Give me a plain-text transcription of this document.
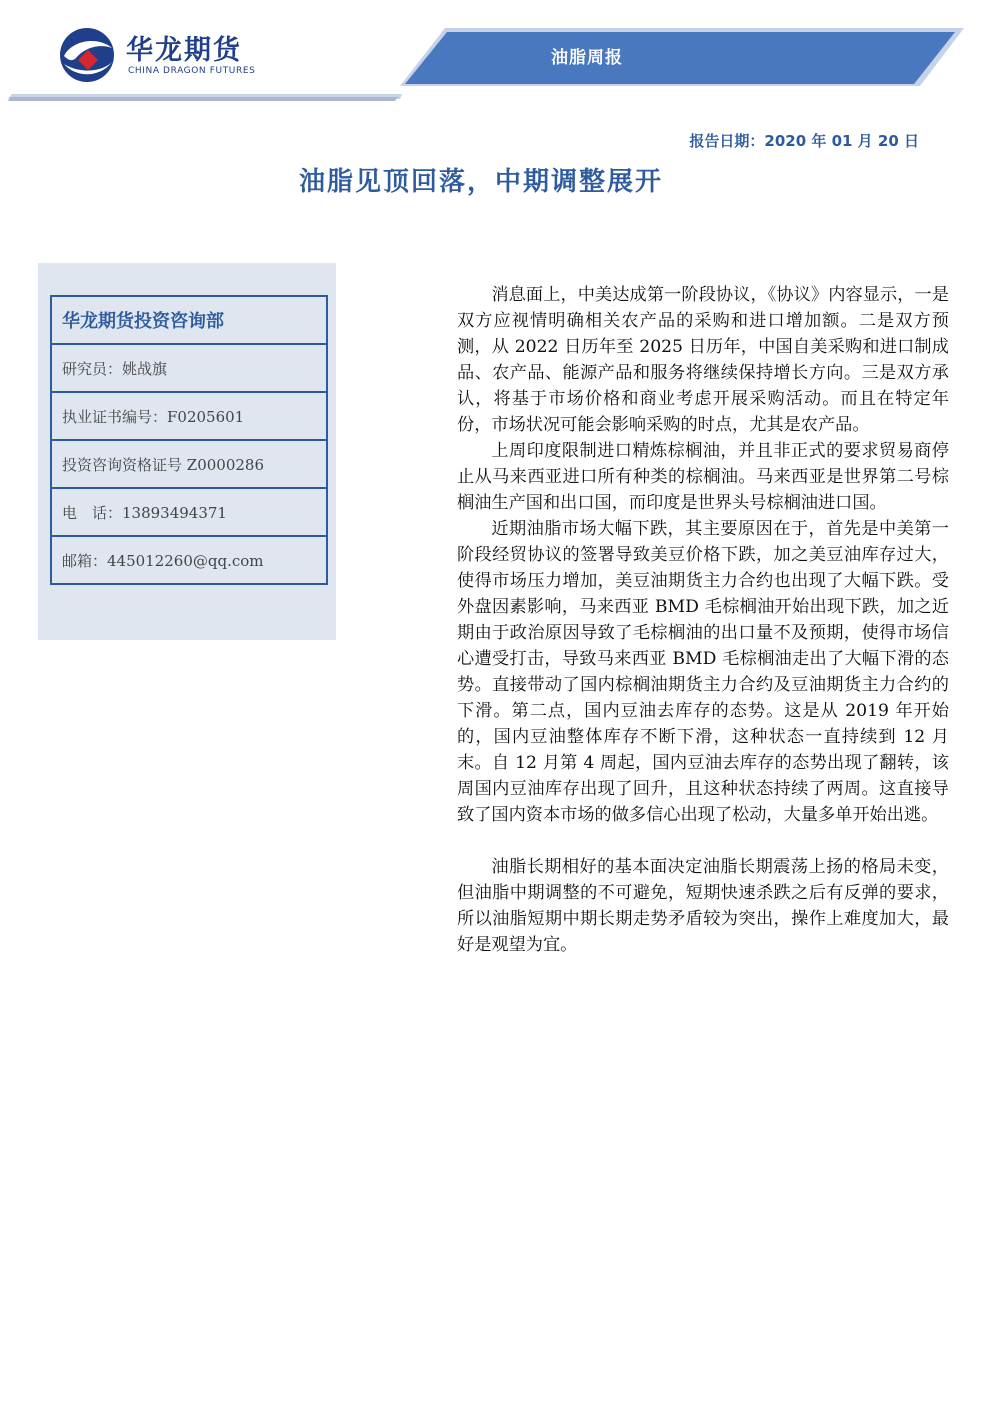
华龙期货
CHINA DRAGON FUTURES
油脂周报
报告日期：2020 年 01 月 20 日
油脂见顶回落，中期调整展开
华龙期货投资咨询部
研究员：姚战旗
执业证书编号：F0205601
投资咨询资格证号 Z0000286
电　话：13893494371
邮箱：445012260@qq.com

消息面上，中美达成第一阶段协议，《协议》内容显示，一是双方应视情明确相关农产品的采购和进口增加额。二是双方预测，从 2022 日历年至 2025 日历年，中国自美采购和进口制成品、农产品、能源产品和服务将继续保持增长方向。三是双方承认，将基于市场价格和商业考虑开展采购活动。而且在特定年份，市场状况可能会影响采购的时点，尤其是农产品。

上周印度限制进口精炼棕榈油，并且非正式的要求贸易商停止从马来西亚进口所有种类的棕榈油。马来西亚是世界第二号棕榈油生产国和出口国，而印度是世界头号棕榈油进口国。

近期油脂市场大幅下跌，其主要原因在于，首先是中美第一阶段经贸协议的签署导致美豆价格下跌，加之美豆油库存过大，使得市场压力增加，美豆油期货主力合约也出现了大幅下跌。受外盘因素影响，马来西亚 BMD 毛棕榈油开始出现下跌，加之近期由于政治原因导致了毛棕榈油的出口量不及预期，使得市场信心遭受打击，导致马来西亚 BMD 毛棕榈油走出了大幅下滑的态势。直接带动了国内棕榈油期货主力合约及豆油期货主力合约的下滑。第二点，国内豆油去库存的态势。这是从 2019 年开始的，国内豆油整体库存不断下滑，这种状态一直持续到 12 月末。自 12 月第 4 周起，国内豆油去库存的态势出现了翻转，该周国内豆油库存出现了回升，且这种状态持续了两周。这直接导致了国内资本市场的做多信心出现了松动，大量多单开始出逃。

油脂长期相好的基本面决定油脂长期震荡上扬的格局未变，但油脂中期调整的不可避免，短期快速杀跌之后有反弹的要求，所以油脂短期中期长期走势矛盾较为突出，操作上难度加大，最好是观望为宜。
